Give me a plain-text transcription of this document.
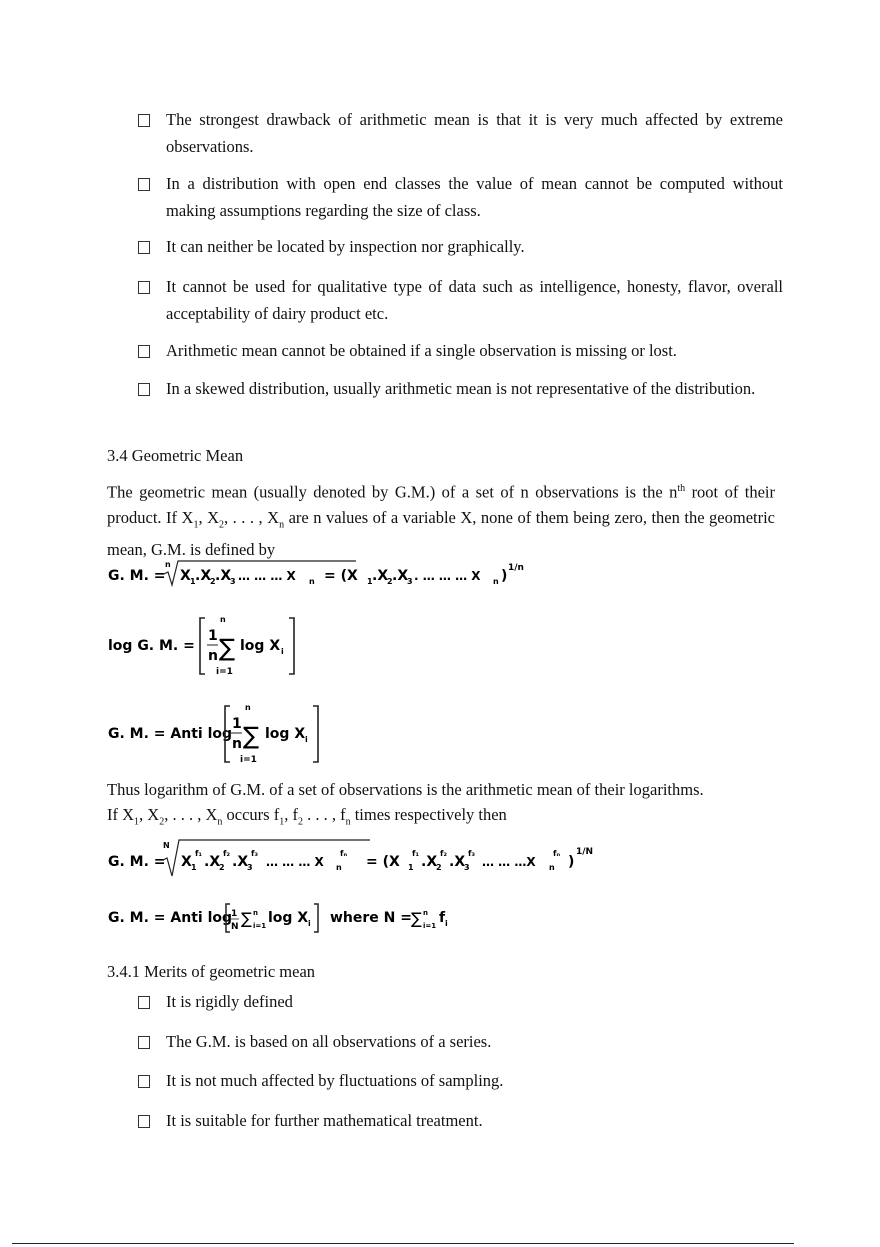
The strongest drawback of arithmetic mean is that it is very much affected by extreme observations.
In a distribution with open end classes the value of mean cannot be computed without making assumptions regarding the size of class.
It can neither be located by inspection nor graphically.
It cannot be used for qualitative type of data such as intelligence, honesty, flavor, overall acceptability of dairy product etc.
Arithmetic mean cannot be obtained if a single observation is missing or lost.
In a skewed distribution, usually arithmetic mean is not representative of the distribution.
3.4 Geometric Mean
The geometric mean (usually denoted by G.M.) of a set of n observations is the $n^{th}$ root of their product. If $X_1$, $X_2$, . . . , $X_n$ are n values of a variable X, none of them being zero, then the geometric mean, G.M. is defined by
G. M. =
n
X 1 .X
2 .X
3 … … … X n = (X 1 .X
2 .X
3 . … … … X n ) 1/n
log G. M. =
1
n
n
∑
i=1
log X i
G. M. = Anti log
1
n
n
∑
i=1
log X i
Thus logarithm of G.M. of a set of observations is the arithmetic mean of their logarithms.
If $X_1$, $X_2$, . . . , $X_n$ occurs $f_1$, $f_2$ . . . , $f_n$ times respectively then
G. M. =
N
X 1
f₁
.X
2
f₂
.X
3
f₃
… … … X n
fₙ
= (X 1
f₁
.X
2
f₂
.X
3
f₃
… … …X n
fₙ
)
1/N
G. M. = Anti log
1
N ∑ n
i=1 log X i where N = ∑ n
i=1 f i
3.4.1 Merits of geometric mean
It is rigidly defined
The G.M. is based on all observations of a series.
It is not much affected by fluctuations of sampling.
It is suitable for further mathematical treatment.
